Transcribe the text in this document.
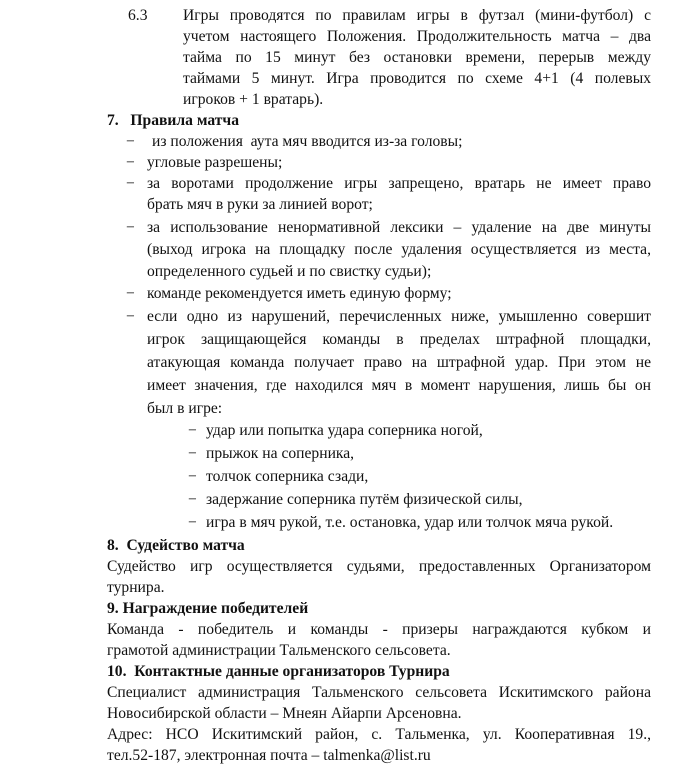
6.3 Игры проводятся по правилам игры в футзал (мини-футбол) с
учетом настоящего Положения. Продолжительность матча – два
тайма по 15 минут без остановки времени, перерыв между
таймами 5 минут. Игра проводится по схеме 4+1 (4 полевых
игроков + 1 вратарь).
7.   Правила матча
− из положения  аута мяч вводится из-за головы;
− угловые разрешены;
− за воротами продолжение игры запрещено, вратарь не имеет право
брать мяч в руки за линией ворот;
− за использование ненормативной лексики – удаление на две минуты
(выход игрока на площадку после удаления осуществляется из места,
определенного судьей и по свистку судьи);
− команде рекомендуется иметь единую форму;
− если одно из нарушений, перечисленных ниже, умышленно совершит
игрок защищающейся команды в пределах штрафной площадки,
атакующая команда получает право на штрафной удар. При этом не
имеет значения, где находился мяч в момент нарушения, лишь бы он
был в игре:
− удар или попытка удара соперника ногой,
− прыжок на соперника,
− толчок соперника сзади,
− задержание соперника путём физической силы,
− игра в мяч рукой, т.е. остановка, удар или толчок мяча рукой.
8.  Судейство матча
Судейство игр осуществляется судьями, предоставленных Организатором
турнира.
9. Награждение победителей
Команда - победитель и команды - призеры награждаются кубком и
грамотой администрации Тальменского сельсовета.
10.  Контактные данные организаторов Турнира
Специалист администрация Тальменского сельсовета Искитимского района
Новосибирской области – Мнеян Айарпи Арсеновна.
Адрес: НСО Искитимский район, с. Тальменка, ул. Кооперативная 19.,
тел.52-187, электронная почта – talmenka@list.ru
